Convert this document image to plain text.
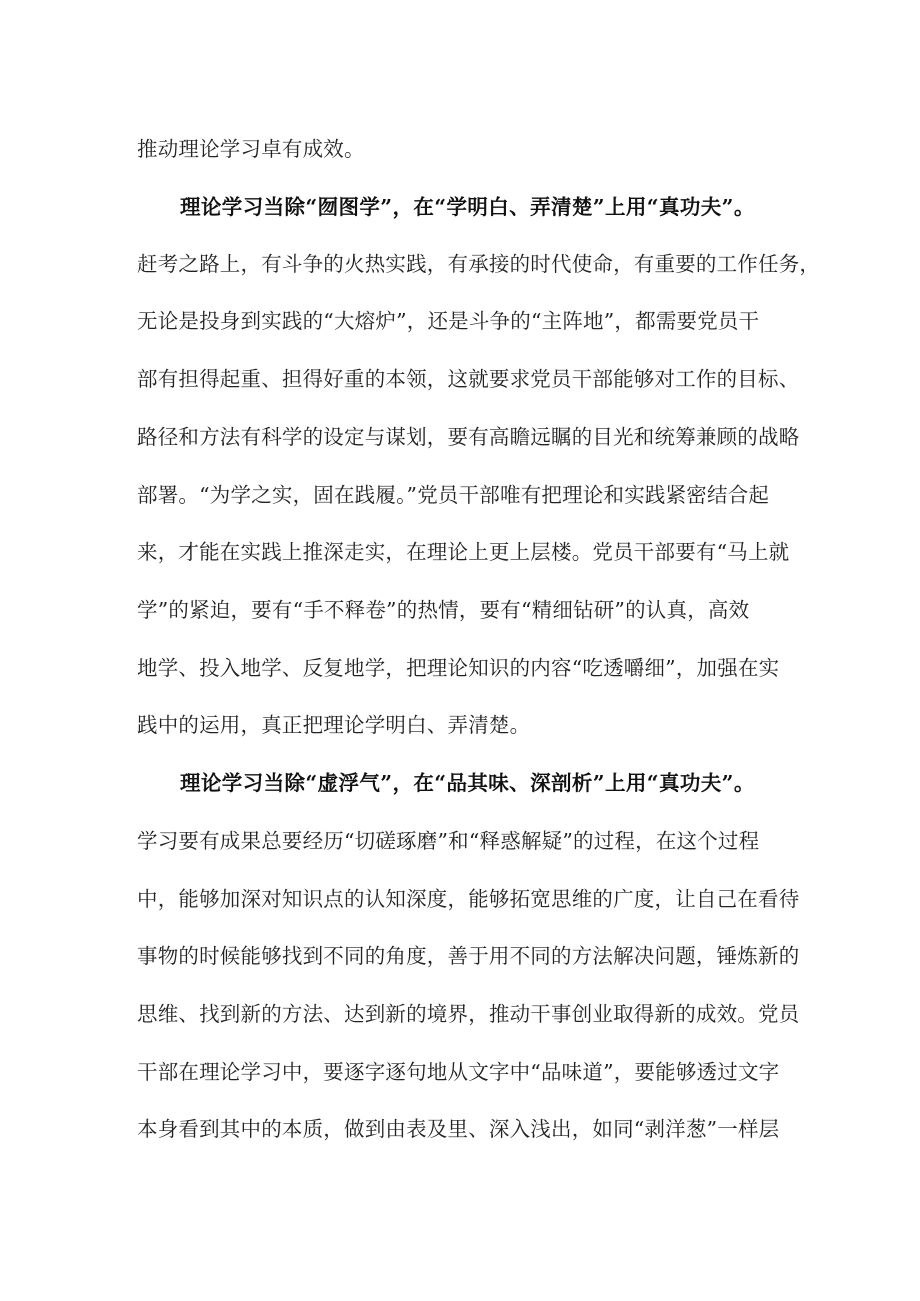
推动理论学习卓有成效。
理论学习当除“囫图学”，在“学明白、弄清楚”上用“真功夫”。
赶考之路上，有斗争的火热实践，有承接的时代使命，有重要的工作任务，
无论是投身到实践的“大熔炉”，还是斗争的“主阵地”，都需要党员干
部有担得起重、担得好重的本领，这就要求党员干部能够对工作的目标、
路径和方法有科学的设定与谋划，要有高瞻远瞩的目光和统筹兼顾的战略
部署。“为学之实，固在践履。”党员干部唯有把理论和实践紧密结合起
来，才能在实践上推深走实，在理论上更上层楼。党员干部要有“马上就
学”的紧迫，要有“手不释卷”的热情，要有“精细钻研”的认真，高效
地学、投入地学、反复地学，把理论知识的内容“吃透嚼细”，加强在实
践中的运用，真正把理论学明白、弄清楚。
理论学习当除“虚浮气”，在“品其味、深剖析”上用“真功夫”。
学习要有成果总要经历“切磋琢磨”和“释惑解疑”的过程，在这个过程
中，能够加深对知识点的认知深度，能够拓宽思维的广度，让自己在看待
事物的时候能够找到不同的角度，善于用不同的方法解决问题，锤炼新的
思维、找到新的方法、达到新的境界，推动干事创业取得新的成效。党员
干部在理论学习中，要逐字逐句地从文字中“品味道”，要能够透过文字
本身看到其中的本质，做到由表及里、深入浅出，如同“剥洋葱”一样层
